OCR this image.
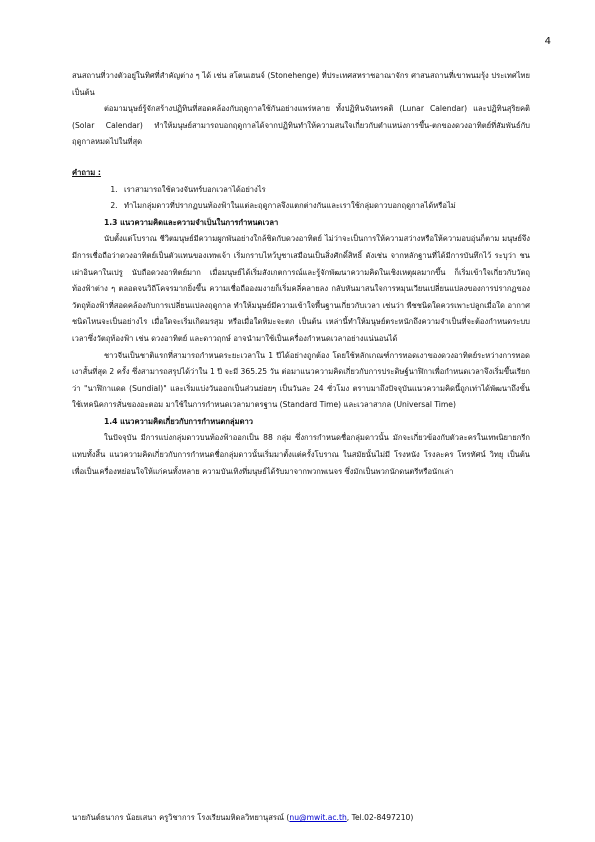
4

สนสถานที่วางตัวอยู่ในทิศที่สำคัญต่าง ๆ ได้ เช่น สโตนเฮนจ์ (Stonehenge) ที่ประเทศสหราชอาณาจักร ศาสนสถานที่เขาพนมรุ้ง ประเทศไทย เป็นต้น

ต่อมามนุษย์รู้จักสร้างปฏิทินที่สอดคล้องกับฤดูกาลใช้กันอย่างแพร่หลาย ทั้งปฏิทินจันทรคติ (Lunar Calendar) และปฏิทินสุริยคติ (Solar Calendar) ทำให้มนุษย์สามารถบอกฤดูกาลได้จากปฏิทินทำให้ความสนใจเกี่ยวกับตำแหน่งการขึ้น-ตกของดวงอาทิตย์ที่สัมพันธ์กับฤดูกาลหมดไปในที่สุด

คำถาม :

1. เราสามารถใช้ดวงจันทร์บอกเวลาได้อย่างไร
2. ทำไมกลุ่มดาวที่ปรากฏบนท้องฟ้าในแต่ละฤดูกาลจึงแตกต่างกันและเราใช้กลุ่มดาวบอกฤดูกาลได้หรือไม่

1.3 แนวความคิดและความจำเป็นในการกำหนดเวลา

นับตั้งแต่โบราณ ชีวิตมนุษย์มีความผูกพันอย่างใกล้ชิดกับดวงอาทิตย์ ไม่ว่าจะเป็นการให้ความสว่างหรือให้ความอบอุ่นก็ตาม มนุษย์จึงมีการเชื่อถือว่าดวงอาทิตย์เป็นตัวแทนของเทพเจ้า เริ่มกราบไหว้บูชาเสมือนเป็นสิ่งศักดิ์สิทธิ์ ดังเช่น จากหลักฐานที่ได้มีการบันทึกไว้ ระบุว่า ชนเผ่าอินคาในเปรู นับถือดวงอาทิตย์มาก เมื่อมนุษย์ได้เริ่มสังเกตการณ์และรู้จักพัฒนาความคิดในเชิงเหตุผลมากขึ้น ก็เริ่มเข้าใจเกี่ยวกับวัตถุท้องฟ้าต่าง ๆ ตลอดจนวิถีโคจรมากยิ่งขึ้น ความเชื่อถือองมงายก็เริ่มคลี่คลายลง กลับหันมาสนใจการหมุนเวียนเปลี่ยนแปลงของการปรากฏของวัตถุท้องฟ้าที่สอดคล้องกับการเปลี่ยนแปลงฤดูกาล ทำให้มนุษย์มีความเข้าใจพื้นฐานเกี่ยวกับเวลา เช่นว่า พืชชนิดใดควรเพาะปลูกเมื่อใด อากาศชนิดไหนจะเป็นอย่างไร เมื่อใดจะเริ่มเกิดมรสุม หรือเมื่อใดหิมะจะตก เป็นต้น เหล่านี้ทำให้มนุษย์ตระหนักถึงความจำเป็นที่จะต้องกำหนดระบบเวลาซึ่งวัตถุท้องฟ้า เช่น ดวงอาทิตย์ และดาวฤกษ์ อาจนำมาใช้เป็นเครื่องกำหนดเวลาอย่างแน่นอนได้

ชาวจีนเป็นชาติแรกที่สามารถกำหนดระยะเวลาใน 1 ปีได้อย่างถูกต้อง โดยใช้หลักเกณฑ์การทอดเงาของดวงอาทิตย์ระหว่างการทอดเงาสั้นที่สุด 2 ครั้ง ซึ่งสามารถสรุปได้ว่าใน 1 ปี จะมี 365.25 วัน ต่อมาแนวความคิดเกี่ยวกับการประดิษฐ์นาฬิกาเพื่อกำหนดเวลาจึงเริ่มขึ้นเรียกว่า "นาฬิกาแดด (Sundial)" และเริ่มแบ่งวันออกเป็นส่วนย่อยๆ เป็นวันละ 24 ชั่วโมง ตราบมาถึงปัจจุบันแนวความคิดนี้ถูกเท่าได้พัฒนาถึงขั้นใช้เทคนิคการสั่นของอะตอม มาใช้ในการกำหนดเวลามาตรฐาน (Standard Time) และเวลาสากล (Universal Time)

1.4 แนวความคิดเกี่ยวกับการกำหนดกลุ่มดาว

ในปัจจุบัน มีการแบ่งกลุ่มดาวบนท้องฟ้าออกเป็น 88 กลุ่ม ซึ่งการกำหนดชื่อกลุ่มดาวนั้น มักจะเกี่ยวข้องกับตัวละครในเทพนิยายกรีกแทบทั้งสิ้น แนวความคิดเกี่ยวกับการกำหนดชื่อกลุ่มดาวนั้นเริ่มมาตั้งแต่ครั้งโบราณ ในสมัยนั้นไม่มี โรงหนัง โรงละคร โทรทัศน์ วิทยุ เป็นต้น เพื่อเป็นเครื่องหย่อนใจให้แก่คนทั้งหลาย ความบันเทิงที่มนุษย์ได้รับมาจากพวกพเนจร ซึ่งมักเป็นพวกนักดนตรีหรือนักเล่า

นายกันต์ธนากร น้อยเสนา ครูวิชาการ โรงเรียนมหิดลวิทยานุสรณ์ (nu@mwit.ac.th, Tel.02-8497210)
